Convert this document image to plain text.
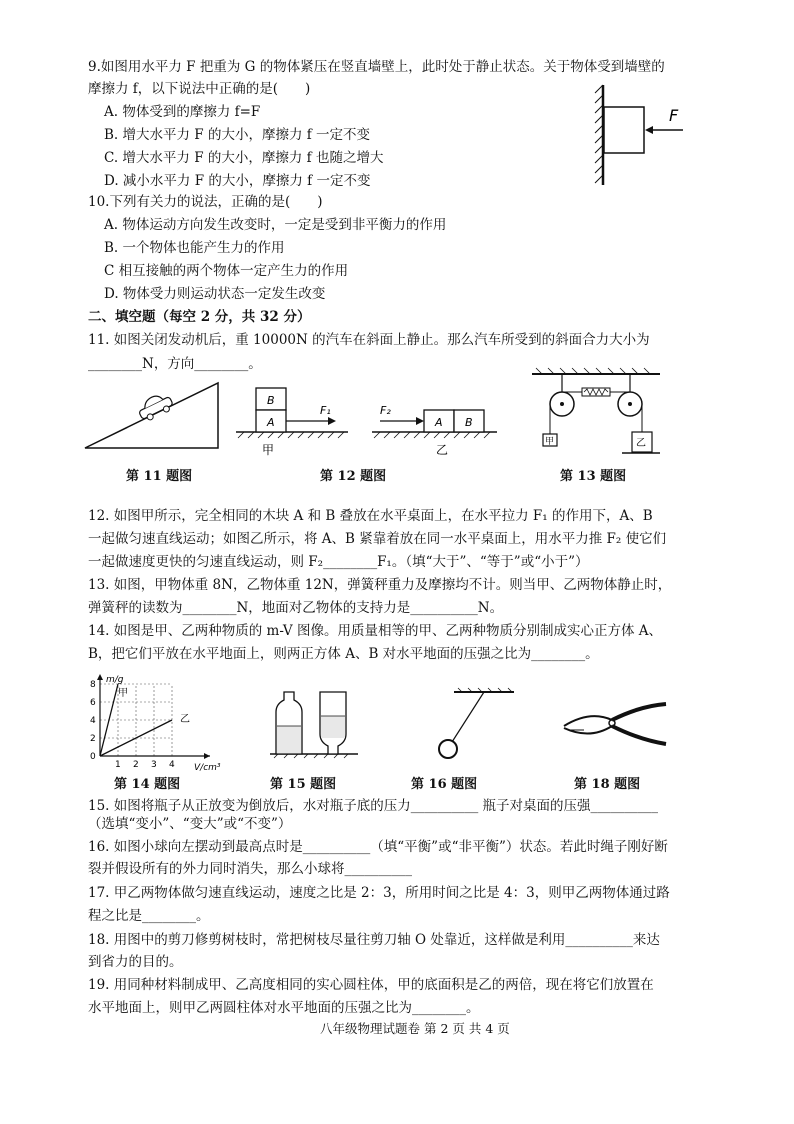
9.如图用水平力 F 把重为 G 的物体紧压在竖直墙壁上，此时处于静止状态。关于物体受到墙壁的
摩擦力 f，以下说法中正确的是(　　)
A. 物体受到的摩擦力 f=F
B. 增大水平力 F 的大小，摩擦力 f 一定不变
C. 增大水平力 F 的大小，摩擦力 f 也随之增大
D. 减小水平力 F 的大小，摩擦力 f 一定不变
F
10.下列有关力的说法，正确的是(　　)
A. 物体运动方向发生改变时，一定是受到非平衡力的作用
B. 一个物体也能产生力的作用
C 相互接触的两个物体一定产生力的作用
D. 物体受力则运动状态一定发生改变
二、填空题（每空 2 分，共 32 分）
11. 如图关闭发动机后，重 10000N 的汽车在斜面上静止。那么汽车所受到的斜面合力大小为
________N，方向________。
B
A
F₁
甲
F₂
A B
乙
甲	乙
第 11 题图	第 12 题图	第 13 题图
12. 如图甲所示，完全相同的木块 A 和 B 叠放在水平桌面上，在水平拉力 F₁ 的作用下，A、B
一起做匀速直线运动；如图乙所示，将 A、B 紧靠着放在同一水平桌面上，用水平力推 F₂ 使它们
一起做速度更快的匀速直线运动，则 F₂________F₁。（填“大于”、“等于”或“小于”）
13. 如图，甲物体重 8N，乙物体重 12N，弹簧秤重力及摩擦均不计。则当甲、乙两物体静止时，
弹簧秤的读数为________N，地面对乙物体的支持力是__________N。
14. 如图是甲、乙两种物质的 m-V 图像。用质量相等的甲、乙两种物质分别制成实心正方体 A、
B，把它们平放在水平地面上，则两正方体 A、B 对水平地面的压强之比为________。
8
6
4
2
0
1 2 3 4
m/g
V/cm³
甲
乙
第 14 题图	第 15 题图	第 16 题图	第 18 题图
15. 如图将瓶子从正放变为倒放后，水对瓶子底的压力__________ 瓶子对桌面的压强__________
（选填“变小”、“变大”或“不变”）
16. 如图小球向左摆动到最高点时是__________（填“平衡”或“非平衡”）状态。若此时绳子刚好断
裂并假设所有的外力同时消失，那么小球将__________
17. 甲乙两物体做匀速直线运动，速度之比是 2：3，所用时间之比是 4：3，则甲乙两物体通过路
程之比是________。
18. 用图中的剪刀修剪树枝时，常把树枝尽量往剪刀轴 O 处靠近，这样做是利用__________来达
到省力的目的。
19. 用同种材料制成甲、乙高度相同的实心圆柱体，甲的底面积是乙的两倍，现在将它们放置在
水平地面上，则甲乙两圆柱体对水平地面的压强之比为________。
八年级物理试题卷 第 2 页 共 4 页
